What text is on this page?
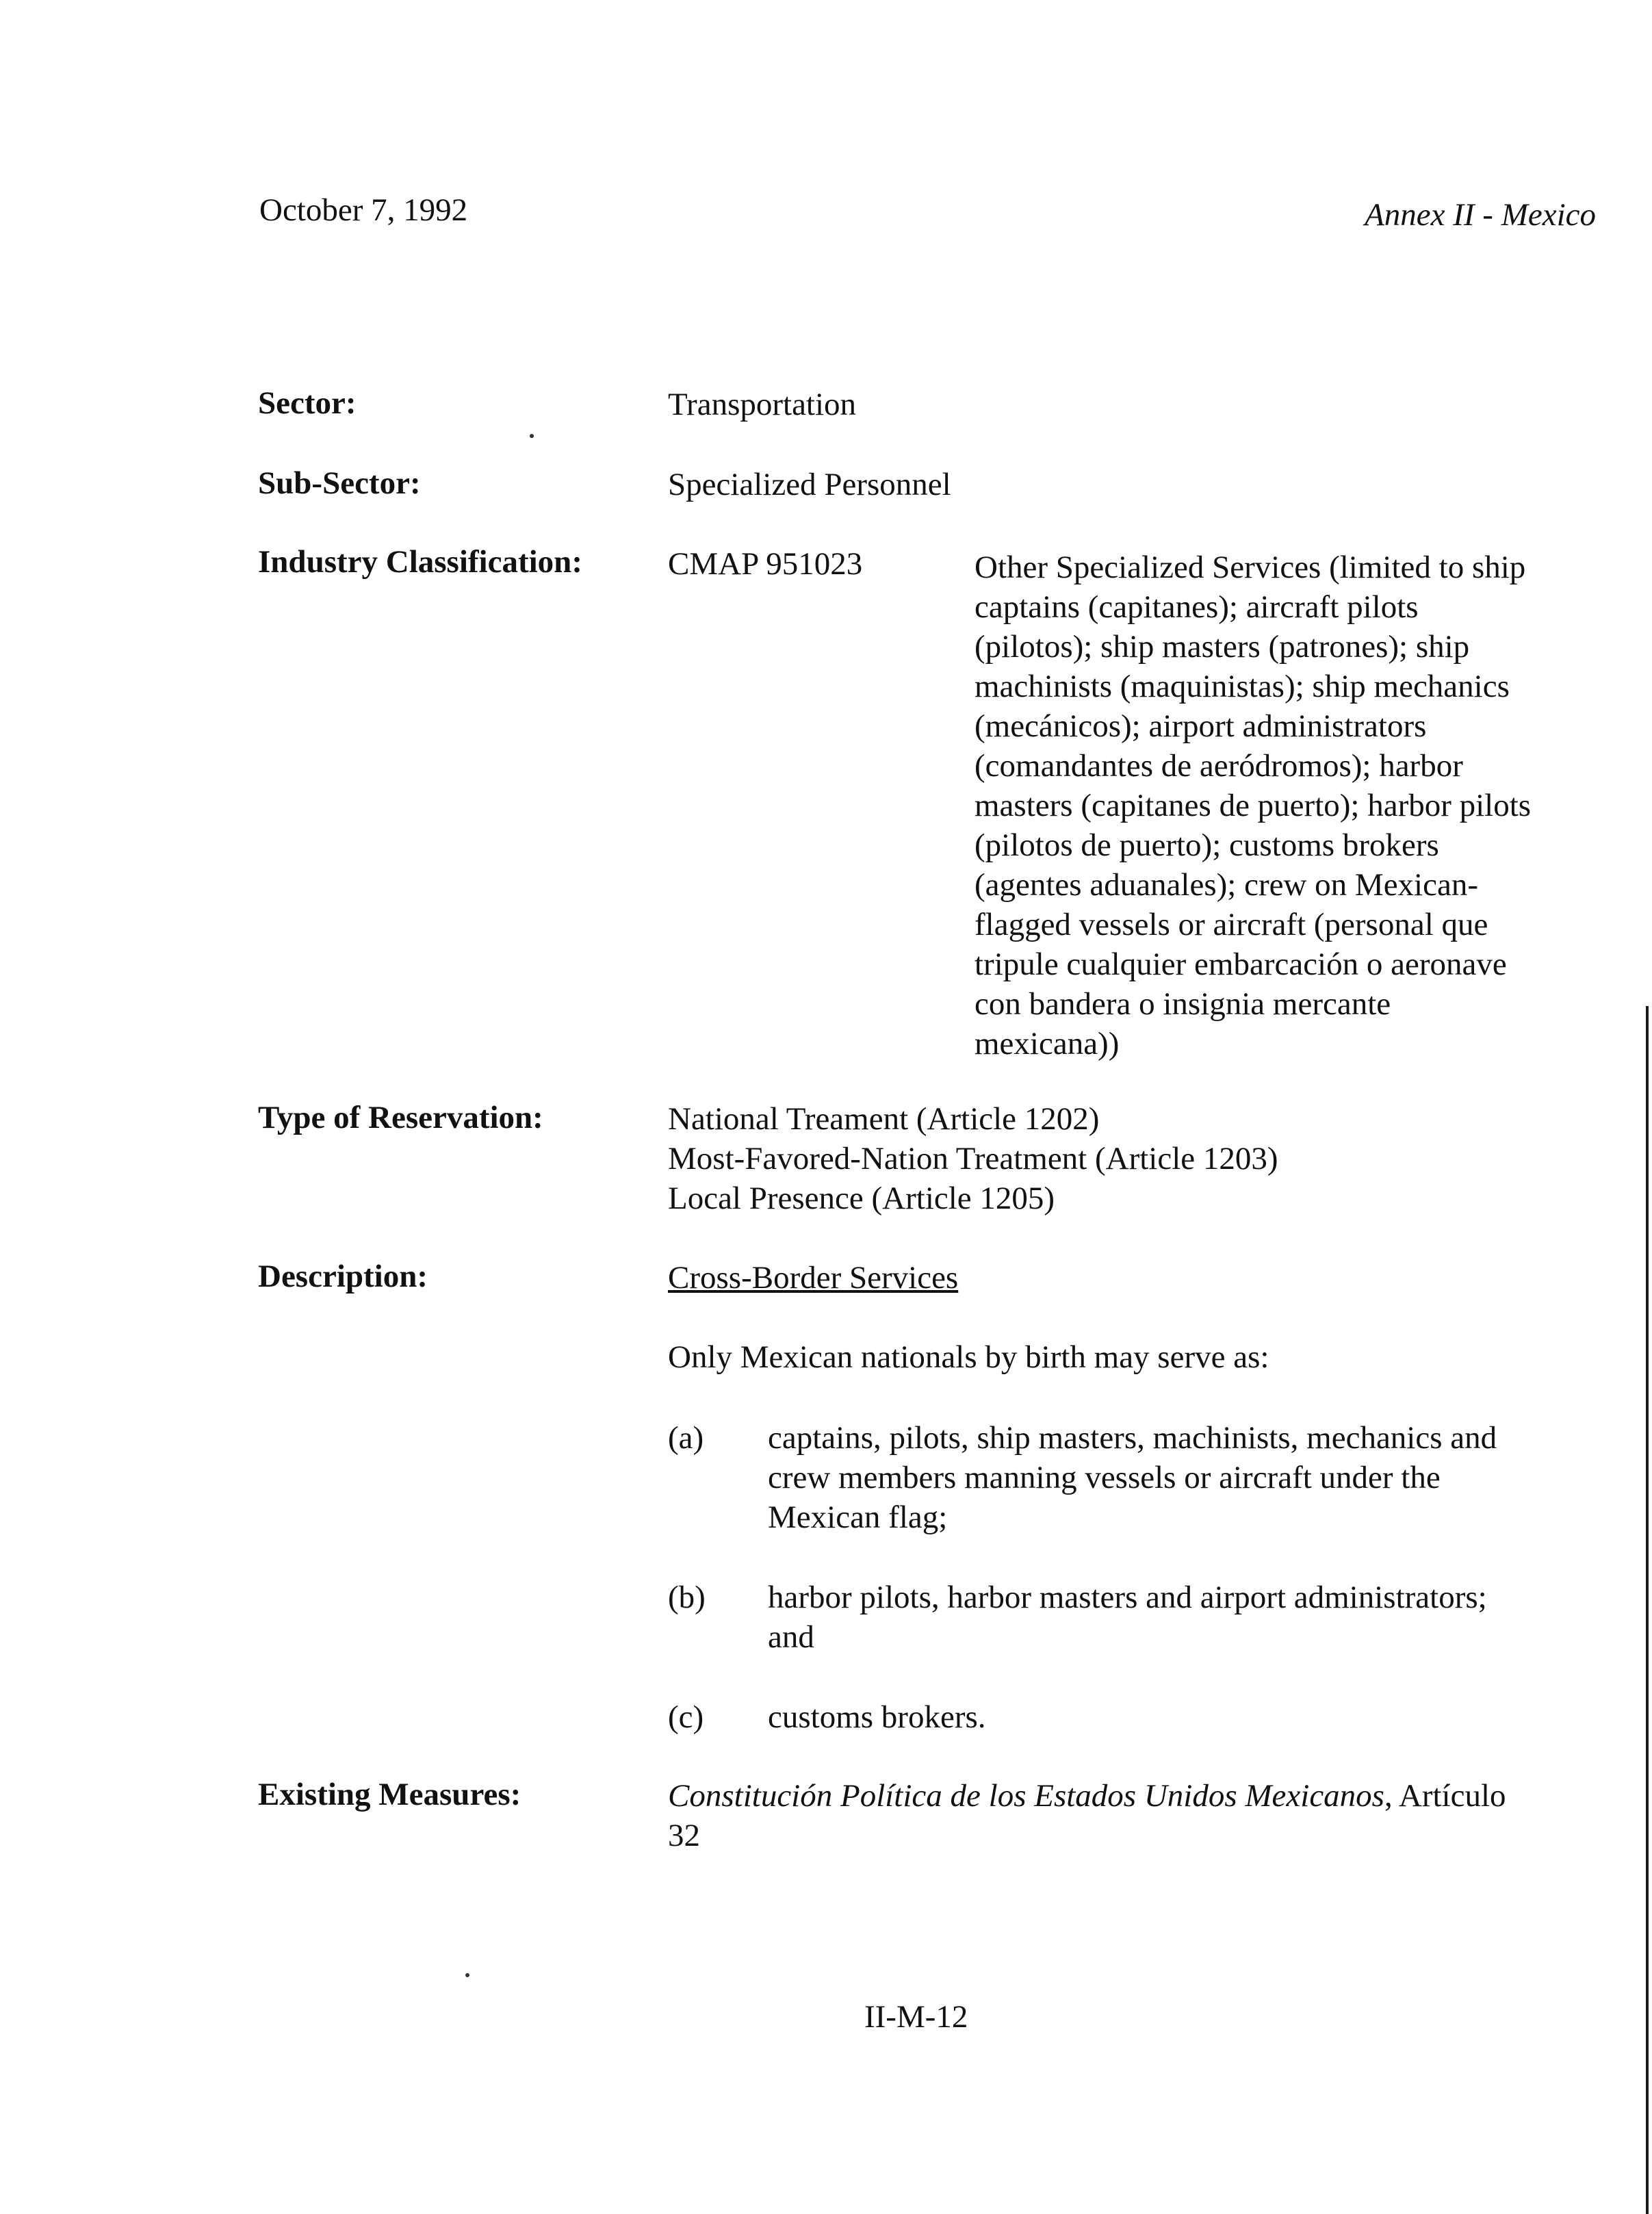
October 7, 1992	Annex II - Mexico
Sector:	Transportation
Sub-Sector:	Specialized Personnel
Industry Classification:	CMAP 951023	Other Specialized Services (limited to ship
captains (capitanes); aircraft pilots
(pilotos); ship masters (patrones); ship
machinists (maquinistas); ship mechanics
(mecánicos); airport administrators
(comandantes de aeródromos); harbor
masters (capitanes de puerto); harbor pilots
(pilotos de puerto); customs brokers
(agentes aduanales); crew on Mexican-
flagged vessels or aircraft (personal que
tripule cualquier embarcación o aeronave
con bandera o insignia mercante
mexicana))
Type of Reservation:	National Treament (Article 1202)
Most-Favored-Nation Treatment (Article 1203)
Local Presence (Article 1205)
Description:	Cross-Border Services
Only Mexican nationals by birth may serve as:
(a) captains, pilots, ship masters, machinists, mechanics and
crew members manning vessels or aircraft under the
Mexican flag;
(b) harbor pilots, harbor masters and airport administrators;
and
(c) customs brokers.
Existing Measures:	Constitución Política de los Estados Unidos Mexicanos, Artículo
32
II-M-12
